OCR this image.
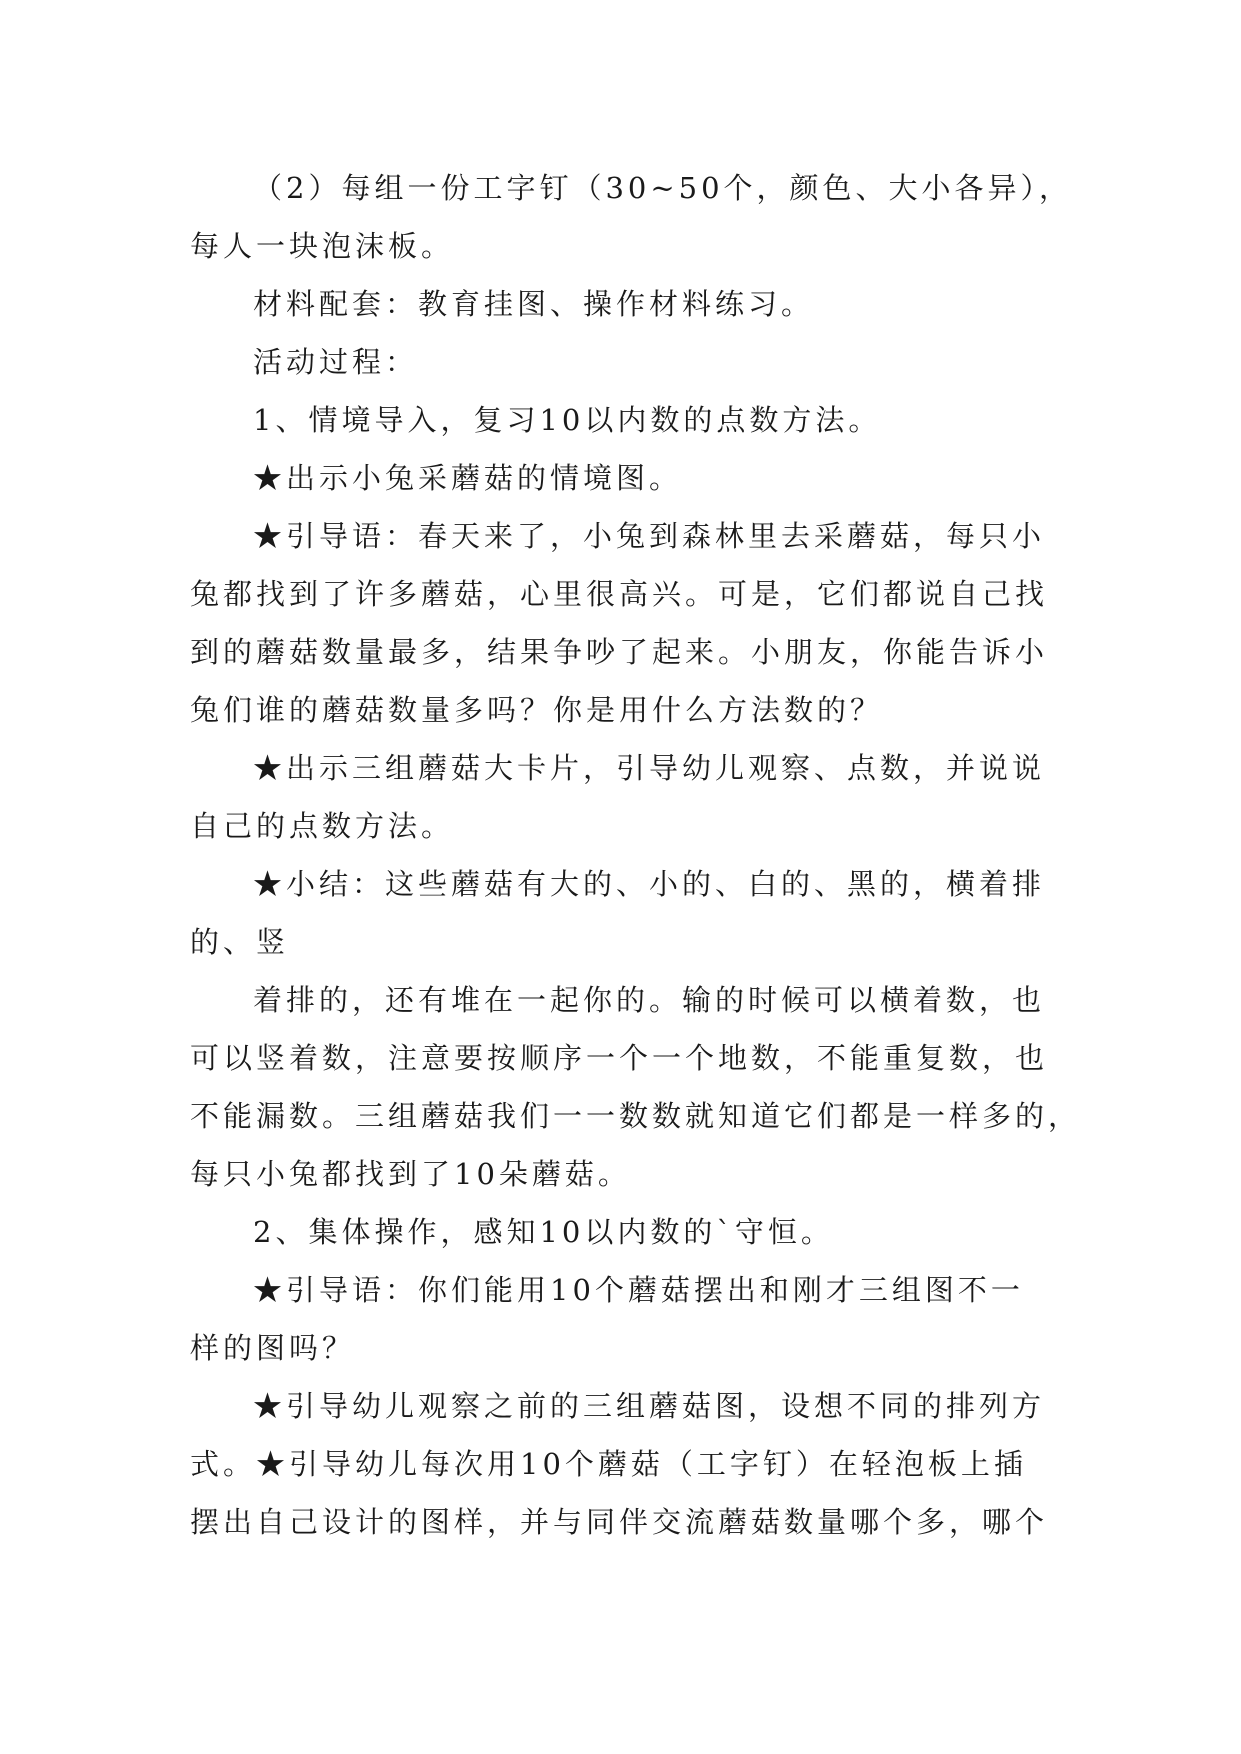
（2）每组一份工字钉（30~50个，颜色、大小各异），
每人一块泡沫板。
材料配套：教育挂图、操作材料练习。
活动过程：
1、情境导入，复习10以内数的点数方法。
★出示小兔采蘑菇的情境图。
★引导语：春天来了，小兔到森林里去采蘑菇，每只小
兔都找到了许多蘑菇，心里很高兴。可是，它们都说自己找
到的蘑菇数量最多，结果争吵了起来。小朋友，你能告诉小
兔们谁的蘑菇数量多吗？你是用什么方法数的？
★出示三组蘑菇大卡片，引导幼儿观察、点数，并说说
自己的点数方法。
★小结：这些蘑菇有大的、小的、白的、黑的，横着排
的、竖
着排的，还有堆在一起你的。输的时候可以横着数，也
可以竖着数，注意要按顺序一个一个地数，不能重复数，也
不能漏数。三组蘑菇我们一一数数就知道它们都是一样多的，
每只小兔都找到了10朵蘑菇。
2、集体操作，感知10以内数的`守恒。
★引导语：你们能用10个蘑菇摆出和刚才三组图不一
样的图吗？
★引导幼儿观察之前的三组蘑菇图，设想不同的排列方
式。★引导幼儿每次用10个蘑菇（工字钉）在轻泡板上插
摆出自己设计的图样，并与同伴交流蘑菇数量哪个多，哪个
